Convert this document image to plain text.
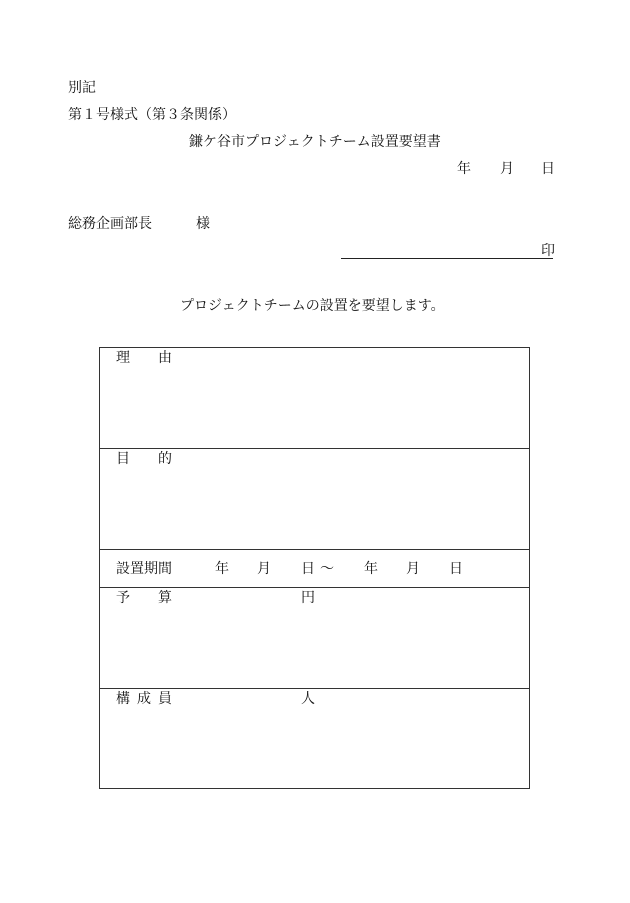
別記
第１号様式（第３条関係）
鎌ケ谷市プロジェクトチーム設置要望書
年 月 日
総務企画部長	様
印
プロジェクトチームの設置を要望します。
理　　由
目　　的
設置期間	年 月 日 ～ 年 月 日
予　　算	円
構成員	人
